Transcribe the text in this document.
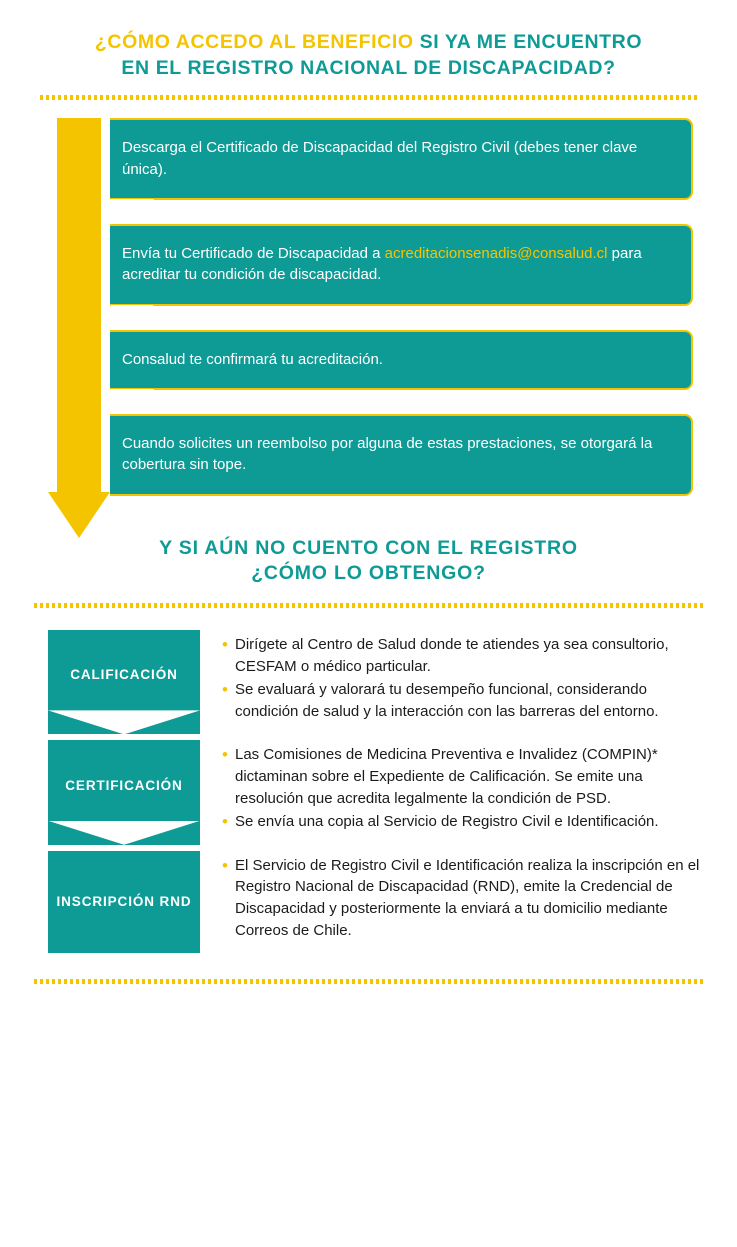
¿CÓMO ACCEDO AL BENEFICIO SI YA ME ENCUENTRO
EN EL REGISTRO NACIONAL DE DISCAPACIDAD?
Descarga el Certificado de Discapacidad del Registro Civil (debes tener clave única).
Envía tu Certificado de Discapacidad a acreditacionsenadis@consalud.cl para acreditar tu condición de discapacidad.
Consalud te confirmará tu acreditación.
Cuando solicites un reembolso por alguna de estas prestaciones, se otorgará la cobertura sin tope.
Y SI AÚN NO CUENTO CON EL REGISTRO
¿CÓMO LO OBTENGO?
CALIFICACIÓN
• Dirígete al Centro de Salud donde te atiendes ya sea consultorio, CESFAM o médico particular.
• Se evaluará y valorará tu desempeño funcional, considerando condición de salud y la interacción con las barreras del entorno.
CERTIFICACIÓN
• Las Comisiones de Medicina Preventiva e Invalidez (COMPIN)* dictaminan sobre el Expediente de Calificación. Se emite una resolución que acredita legalmente la condición de PSD.
• Se envía una copia al Servicio de Registro Civil e Identificación.
INSCRIPCIÓN RND
• El Servicio de Registro Civil e Identificación realiza la inscripción en el Registro Nacional de Discapacidad (RND), emite la Credencial de Discapacidad y posteriormente la enviará a tu domicilio mediante Correos de Chile.
